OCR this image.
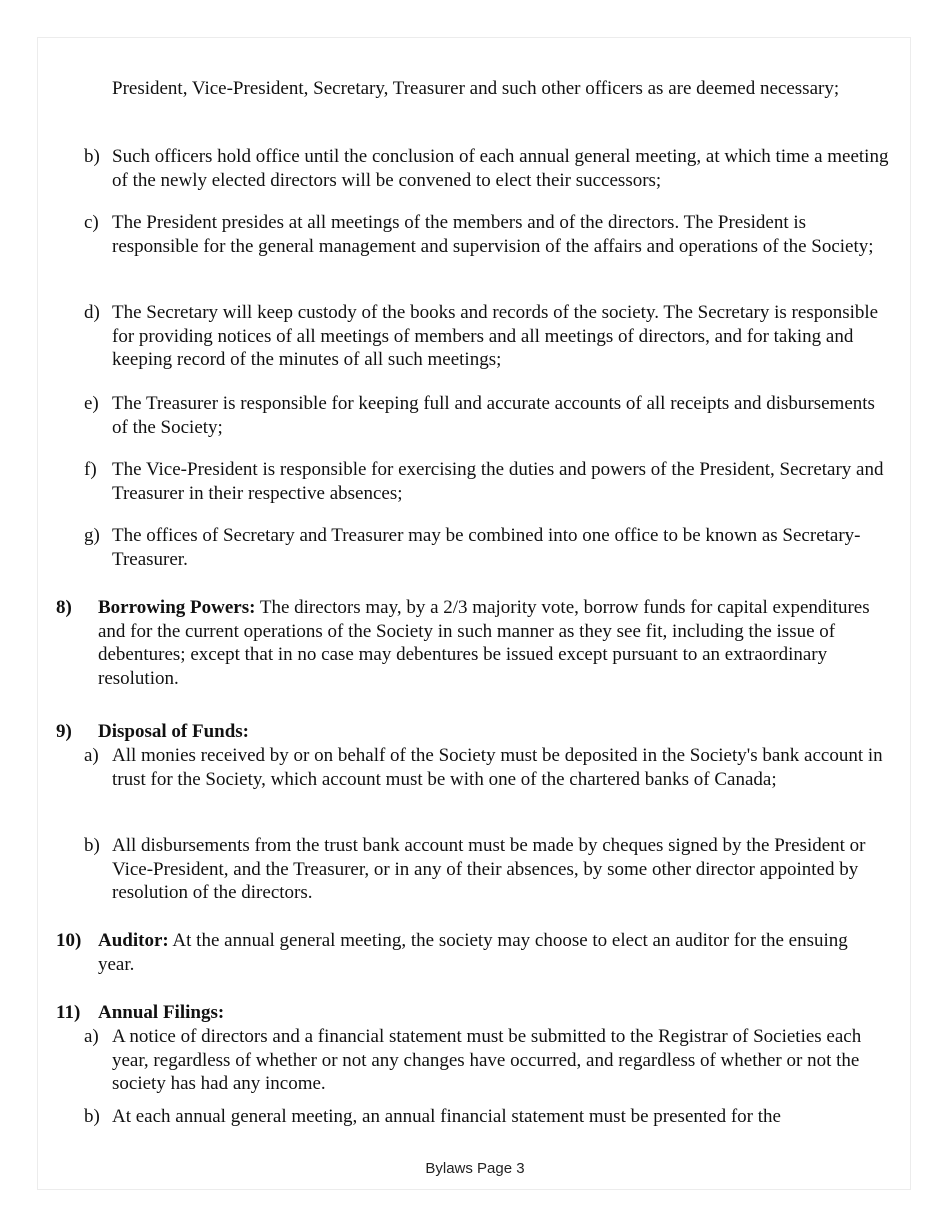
President, Vice-President, Secretary, Treasurer and such other officers as are deemed necessary;
b) Such officers hold office until the conclusion of each annual general meeting, at which time a meeting of the newly elected directors will be convened to elect their successors;
c) The President presides at all meetings of the members and of the directors. The President is responsible for the general management and supervision of the affairs and operations of the Society;
d) The Secretary will keep custody of the books and records of the society. The Secretary is responsible for providing notices of all meetings of members and all meetings of directors, and for taking and keeping record of the minutes of all such meetings;
e) The Treasurer is responsible for keeping full and accurate accounts of all receipts and disbursements of the Society;
f) The Vice-President is responsible for exercising the duties and powers of the President, Secretary and Treasurer in their respective absences;
g) The offices of Secretary and Treasurer may be combined into one office to be known as Secretary-Treasurer.
8) Borrowing Powers: The directors may, by a 2/3 majority vote, borrow funds for capital expenditures and for the current operations of the Society in such manner as they see fit, including the issue of debentures; except that in no case may debentures be issued except pursuant to an extraordinary resolution.
9) Disposal of Funds:
a) All monies received by or on behalf of the Society must be deposited in the Society's bank account in trust for the Society, which account must be with one of the chartered banks of Canada;
b) All disbursements from the trust bank account must be made by cheques signed by the President or Vice-President, and the Treasurer, or in any of their absences, by some other director appointed by resolution of the directors.
10) Auditor: At the annual general meeting, the society may choose to elect an auditor for the ensuing year.
11) Annual Filings:
a) A notice of directors and a financial statement must be submitted to the Registrar of Societies each year, regardless of whether or not any changes have occurred, and regardless of whether or not the society has had any income.
b) At each annual general meeting, an annual financial statement must be presented for the
Bylaws Page 3
